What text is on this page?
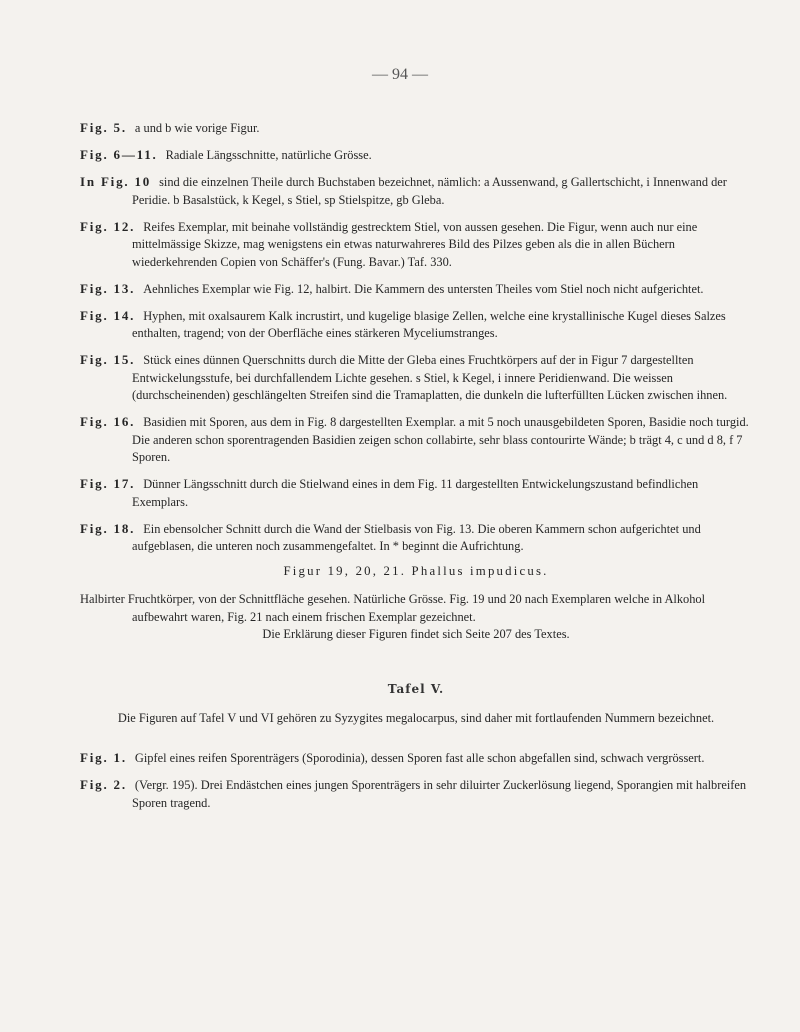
— 94 —
Fig. 5. a und b wie vorige Figur.
Fig. 6—11. Radiale Längsschnitte, natürliche Grösse.
In Fig. 10 sind die einzelnen Theile durch Buchstaben bezeichnet, nämlich: a Aussenwand, g Gallertschicht, i Innenwand der Peridie. b Basalstück, k Kegel, s Stiel, sp Stielspitze, gb Gleba.
Fig. 12. Reifes Exemplar, mit beinahe vollständig gestrecktem Stiel, von aussen gesehen. Die Figur, wenn auch nur eine mittelmässige Skizze, mag wenigstens ein etwas naturwahreres Bild des Pilzes geben als die in allen Büchern wiederkehrenden Copien von Schäffer's (Fung. Bavar.) Taf. 330.
Fig. 13. Aehnliches Exemplar wie Fig. 12, halbirt. Die Kammern des untersten Theiles vom Stiel noch nicht aufgerichtet.
Fig. 14. Hyphen, mit oxalsaurem Kalk incrustirt, und kugelige blasige Zellen, welche eine krystallinische Kugel dieses Salzes enthalten, tragend; von der Oberfläche eines stärkeren Myceliumstranges.
Fig. 15. Stück eines dünnen Querschnitts durch die Mitte der Gleba eines Fruchtkörpers auf der in Figur 7 dargestellten Entwickelungsstufe, bei durchfallendem Lichte gesehen. s Stiel, k Kegel, i innere Peridienwand. Die weissen (durchscheinenden) geschlängelten Streifen sind die Tramaplatten, die dunkeln die lufterfüllten Lücken zwischen ihnen.
Fig. 16. Basidien mit Sporen, aus dem in Fig. 8 dargestellten Exemplar. a mit 5 noch unausgebildeten Sporen, Basidie noch turgid. Die anderen schon sporentragenden Basidien zeigen schon collabirte, sehr blass contourirte Wände; b trägt 4, c und d 8, f 7 Sporen.
Fig. 17. Dünner Längsschnitt durch die Stielwand eines in dem Fig. 11 dargestellten Entwickelungszustand befindlichen Exemplars.
Fig. 18. Ein ebensolcher Schnitt durch die Wand der Stielbasis von Fig. 13. Die oberen Kammern schon aufgerichtet und aufgeblasen, die unteren noch zusammengefaltet. In * beginnt die Aufrichtung.
Figur 19, 20, 21. Phallus impudicus.
Halbirter Fruchtkörper, von der Schnittfläche gesehen. Natürliche Grösse. Fig. 19 und 20 nach Exemplaren welche in Alkohol aufbewahrt waren, Fig. 21 nach einem frischen Exemplar gezeichnet.
Die Erklärung dieser Figuren findet sich Seite 207 des Textes.
Tafel V.
Die Figuren auf Tafel V und VI gehören zu Syzygites megalocarpus, sind daher mit fortlaufenden Nummern bezeichnet.
Fig. 1. Gipfel eines reifen Sporenträgers (Sporodinia), dessen Sporen fast alle schon abgefallen sind, schwach vergrössert.
Fig. 2. (Vergr. 195). Drei Endästchen eines jungen Sporenträgers in sehr diluirter Zuckerlösung liegend, Sporangien mit halbreifen Sporen tragend.
